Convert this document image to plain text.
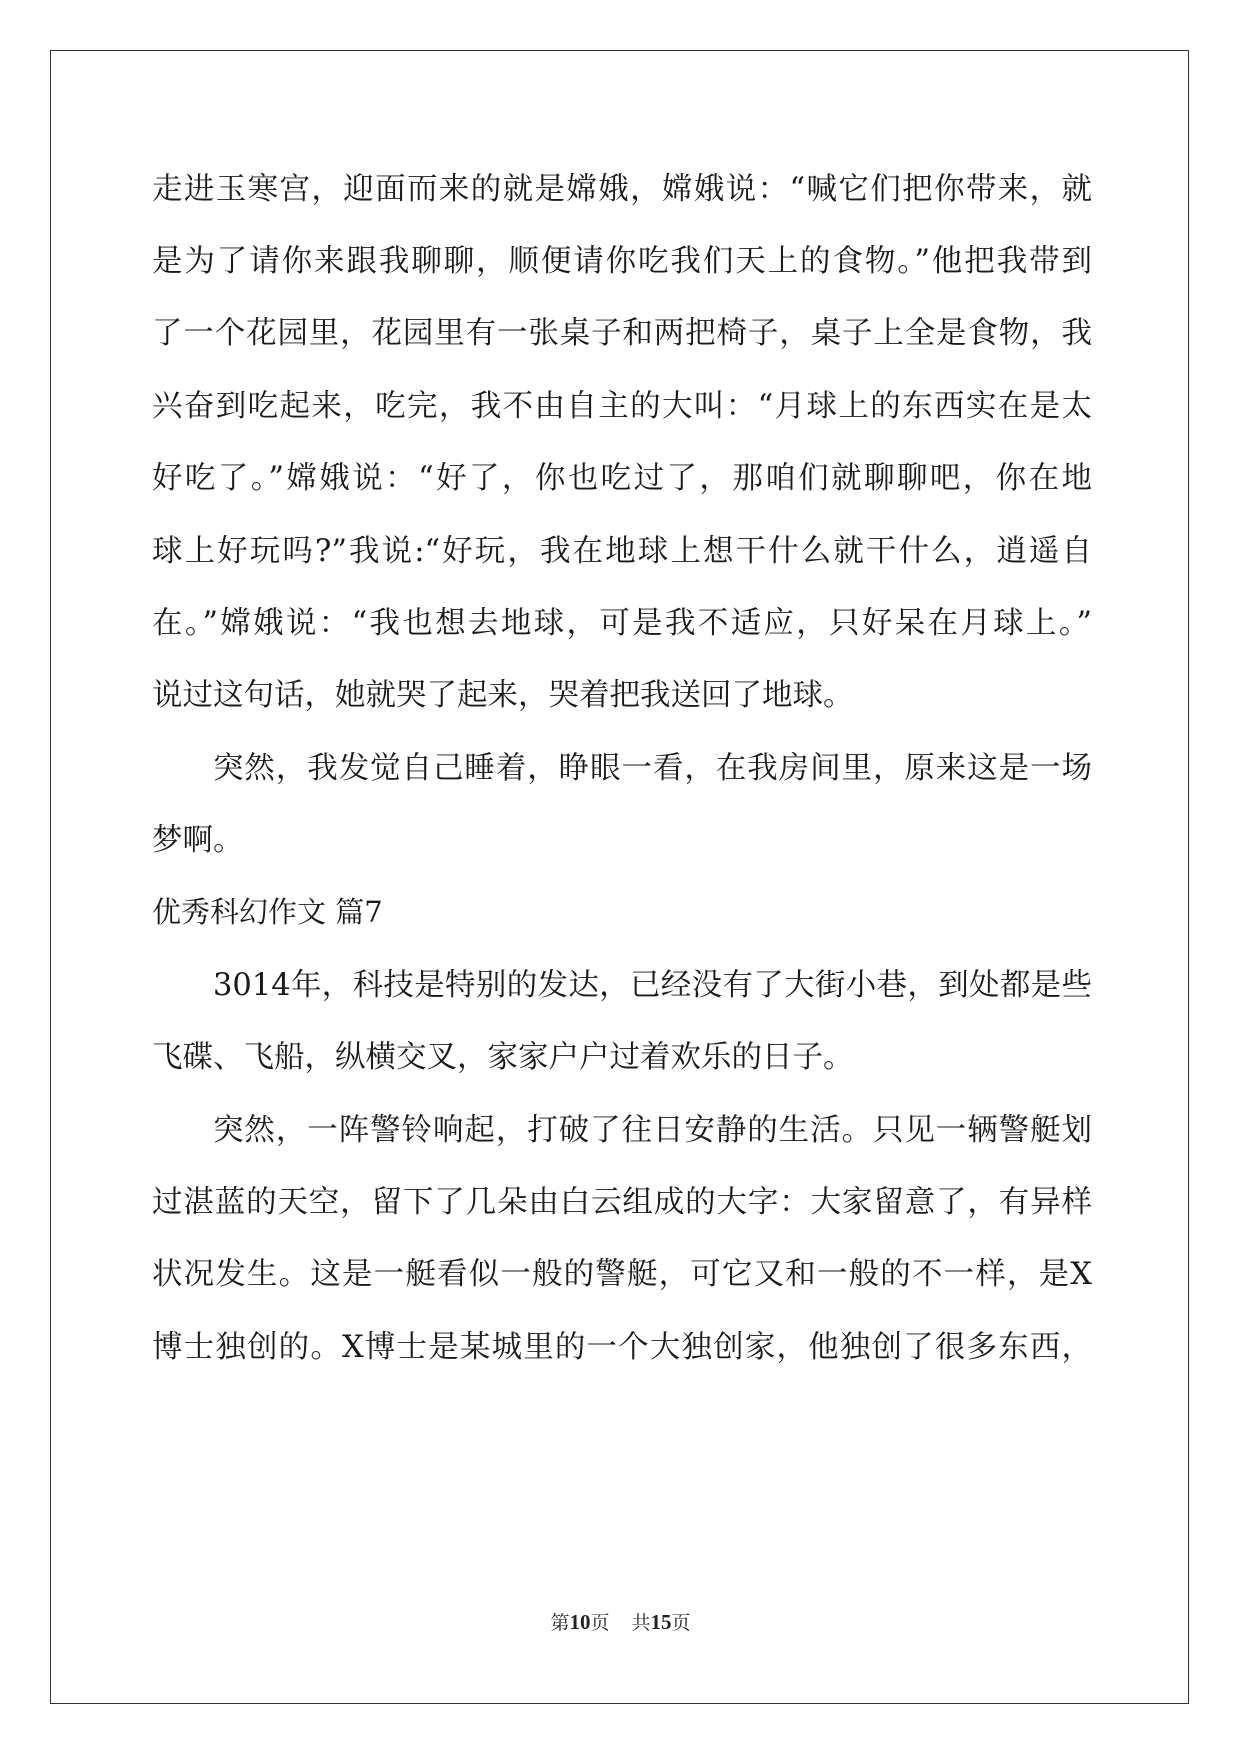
走进玉寒宫，迎面而来的就是嫦娥，嫦娥说：“喊它们把你带来，就

是为了请你来跟我聊聊，顺便请你吃我们天上的食物。”他把我带到

了一个花园里，花园里有一张桌子和两把椅子，桌子上全是食物，我

兴奋到吃起来，吃完，我不由自主的大叫：“月球上的东西实在是太

好吃了。”嫦娥说：“好了，你也吃过了，那咱们就聊聊吧，你在地

球上好玩吗?”我说:“好玩，我在地球上想干什么就干什么，逍遥自

在。”嫦娥说：“我也想去地球，可是我不适应，只好呆在月球上。”

说过这句话，她就哭了起来，哭着把我送回了地球。

突然，我发觉自己睡着，睁眼一看，在我房间里，原来这是一场

梦啊。

优秀科幻作文 篇7

3014年，科技是特别的发达，已经没有了大街小巷，到处都是些

飞碟、飞船，纵横交叉，家家户户过着欢乐的日子。

突然，一阵警铃响起，打破了往日安静的生活。只见一辆警艇划

过湛蓝的天空，留下了几朵由白云组成的大字：大家留意了，有异样

状况发生。这是一艇看似一般的警艇，可它又和一般的不一样，是X

博士独创的。X博士是某城里的一个大独创家，他独创了很多东西，

第10页 共15页
